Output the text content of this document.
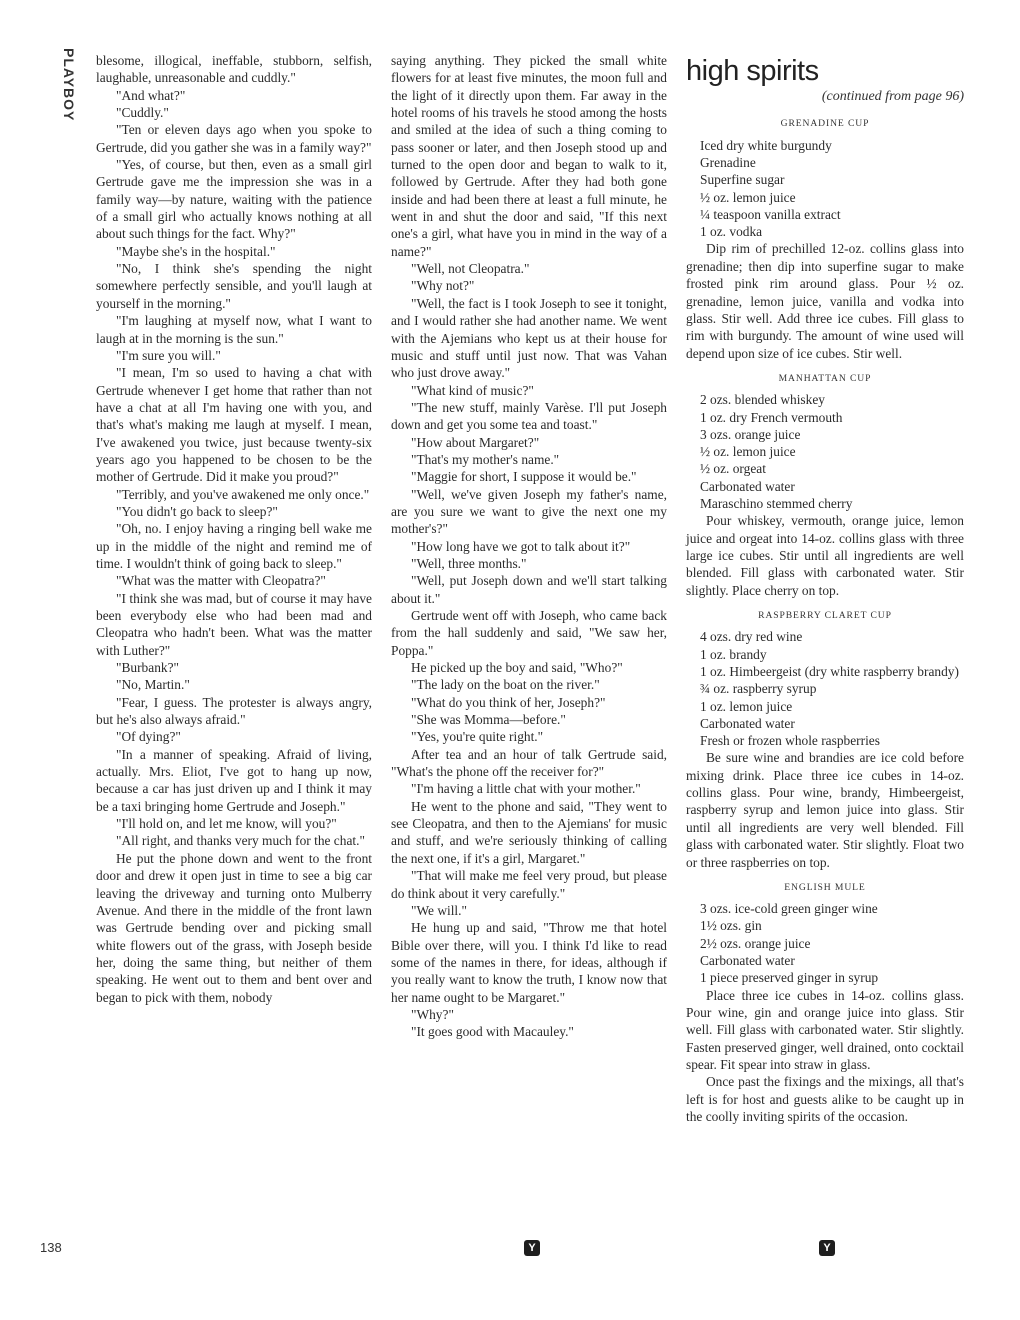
PLAYBOY blesome, illogical, ineffable, stubborn, selfish, laughable, unreasonable and cuddly."

"And what?"

"Cuddly."

"Ten or eleven days ago when you spoke to Gertrude, did you gather she was in a family way?"

"Yes, of course, but then, even as a small girl Gertrude gave me the impression she was in a family way—by nature, waiting with the patience of a small girl who actually knows nothing at all about such things for the fact. Why?"

"Maybe she's in the hospital."

"No, I think she's spending the night somewhere perfectly sensible, and you'll laugh at yourself in the morning."

"I'm laughing at myself now, what I want to laugh at in the morning is the sun."

"I'm sure you will."

"I mean, I'm so used to having a chat with Gertrude whenever I get home that rather than not have a chat at all I'm having one with you, and that's what's making me laugh at myself. I mean, I've awakened you twice, just because twenty-six years ago you happened to be chosen to be the mother of Gertrude. Did it make you proud?"

"Terribly, and you've awakened me only once."

"You didn't go back to sleep?"

"Oh, no. I enjoy having a ringing bell wake me up in the middle of the night and remind me of time. I wouldn't think of going back to sleep."

"What was the matter with Cleopatra?"

"I think she was mad, but of course it may have been everybody else who had been mad and Cleopatra who hadn't been. What was the matter with Luther?"

"Burbank?"

"No, Martin."

"Fear, I guess. The protester is always angry, but he's also always afraid."

"Of dying?"

"In a manner of speaking. Afraid of living, actually. Mrs. Eliot, I've got to hang up now, because a car has just driven up and I think it may be a taxi bringing home Gertrude and Joseph."

"I'll hold on, and let me know, will you?"

"All right, and thanks very much for the chat."

He put the phone down and went to the front door and drew it open just in time to see a big car leaving the driveway and turning onto Mulberry Avenue. And there in the middle of the front lawn was Gertrude bending over and picking small white flowers out of the grass, with Joseph beside her, doing the same thing, but neither of them speaking. He went out to them and bent over and began to pick with them, nobody

saying anything. They picked the small white flowers for at least five minutes, the moon full and the light of it directly upon them. Far away in the hotel rooms of his travels he stood among the hosts and smiled at the idea of such a thing coming to pass sooner or later, and then Joseph stood up and turned to the open door and began to walk to it, followed by Gertrude. After they had both gone inside and had been there at least a full minute, he went in and shut the door and said, "If this next one's a girl, what have you in mind in the way of a name?"

"Well, not Cleopatra."

"Why not?"

"Well, the fact is I took Joseph to see it tonight, and I would rather she had another name. We went with the Ajemians who kept us at their house for music and stuff until just now. That was Vahan who just drove away."

"What kind of music?"

"The new stuff, mainly Varèse. I'll put Joseph down and get you some tea and toast."

"How about Margaret?"

"That's my mother's name."

"Maggie for short, I suppose it would be."

"Well, we've given Joseph my father's name, are you sure we want to give the next one my mother's?"

"How long have we got to talk about it?"

"Well, three months."

"Well, put Joseph down and we'll start talking about it."

Gertrude went off with Joseph, who came back from the hall suddenly and said, "We saw her, Poppa."

He picked up the boy and said, "Who?"

"The lady on the boat on the river."

"What do you think of her, Joseph?"

"She was Momma—before."

"Yes, you're quite right."

After tea and an hour of talk Gertrude said, "What's the phone off the receiver for?"

"I'm having a little chat with your mother."

He went to the phone and said, "They went to see Cleopatra, and then to the Ajemians' for music and stuff, and we're seriously thinking of calling the next one, if it's a girl, Margaret."

"That will make me feel very proud, but please do think about it very carefully."

"We will."

He hung up and said, "Throw me that hotel Bible over there, will you. I think I'd like to read some of the names in there, for ideas, although if you really want to know the truth, I know now that her name ought to be Margaret."

"Why?"

"It goes good with Macauley."

high spirits
(continued from page 96)
GRENADINE CUP
Iced dry white burgundy
Grenadine
Superfine sugar
½ oz. lemon juice
¼ teaspoon vanilla extract
1 oz. vodka

Dip rim of prechilled 12-oz. collins glass into grenadine; then dip into superfine sugar to make frosted pink rim around glass. Pour ½ oz. grenadine, lemon juice, vanilla and vodka into glass. Stir well. Add three ice cubes. Fill glass to rim with burgundy. The amount of wine used will depend upon size of ice cubes. Stir well.

MANHATTAN CUP
2 ozs. blended whiskey
1 oz. dry French vermouth
3 ozs. orange juice
½ oz. lemon juice
½ oz. orgeat
Carbonated water
Maraschino stemmed cherry

Pour whiskey, vermouth, orange juice, lemon juice and orgeat into 14-oz. collins glass with three large ice cubes. Stir until all ingredients are well blended. Fill glass with carbonated water. Stir slightly. Place cherry on top.

RASPBERRY CLARET CUP
4 ozs. dry red wine
1 oz. brandy
1 oz. Himbeergeist (dry white raspberry brandy)
¾ oz. raspberry syrup
1 oz. lemon juice
Carbonated water
Fresh or frozen whole raspberries

Be sure wine and brandies are ice cold before mixing drink. Place three ice cubes in 14-oz. collins glass. Pour wine, brandy, Himbeergeist, raspberry syrup and lemon juice into glass. Stir until all ingredients are very well blended. Fill glass with carbonated water. Stir slightly. Float two or three raspberries on top.

ENGLISH MULE
3 ozs. ice-cold green ginger wine
1½ ozs. gin
2½ ozs. orange juice
Carbonated water
1 piece preserved ginger in syrup

Place three ice cubes in 14-oz. collins glass. Pour wine, gin and orange juice into glass. Stir well. Fill glass with carbonated water. Stir slightly. Fasten preserved ginger, well drained, onto cocktail spear. Fit spear into straw in glass.

Once past the fixings and the mixings, all that's left is for host and guests alike to be caught up in the coolly inviting spirits of the occasion.

138
Y
Y
